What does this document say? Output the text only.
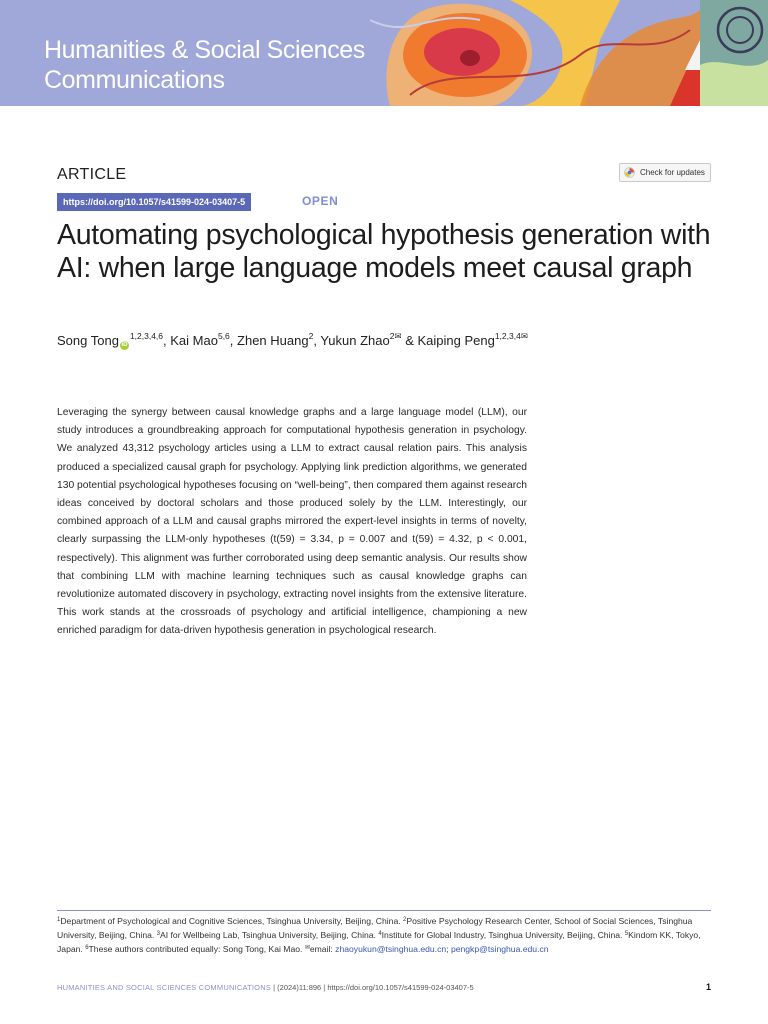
Humanities & Social Sciences
Communications
ARTICLE	Check for updates
https://doi.org/10.1057/s41599-024-03407-5	OPEN
Automating psychological hypothesis generation with AI: when large language models meet causal graph
Song Tong iD$^{1,2,3,4,6}$, Kai Mao$^{5,6}$, Zhen Huang$^2$, Yukun Zhao$^{2✉}$ & Kaiping Peng$^{1,2,3,4✉}$

Leveraging the synergy between causal knowledge graphs and a large language model (LLM), our study introduces a groundbreaking approach for computational hypothesis generation in psychology. We analyzed 43,312 psychology articles using a LLM to extract causal relation pairs. This analysis produced a specialized causal graph for psychology. Applying link prediction algorithms, we generated 130 potential psychological hypotheses focusing on “well-being”, then compared them against research ideas conceived by doctoral scholars and those produced solely by the LLM. Interestingly, our combined approach of a LLM and causal graphs mirrored the expert-level insights in terms of novelty, clearly surpassing the LLM-only hypotheses (t(59) = 3.34, p = 0.007 and t(59) = 4.32, p < 0.001, respectively). This alignment was further corroborated using deep semantic analysis. Our results show that combining LLM with machine learning techniques such as causal knowledge graphs can revolutionize automated discovery in psychology, extracting novel insights from the extensive literature. This work stands at the crossroads of psychology and artificial intelligence, championing a new enriched paradigm for data-driven hypothesis generation in psychological research.

$^1$Department of Psychological and Cognitive Sciences, Tsinghua University, Beijing, China. $^2$Positive Psychology Research Center, School of Social Sciences, Tsinghua University, Beijing, China. $^3$AI for Wellbeing Lab, Tsinghua University, Beijing, China. $^4$Institute for Global Industry, Tsinghua University, Beijing, China. $^5$Kindom KK, Tokyo, Japan. $^6$These authors contributed equally: Song Tong, Kai Mao. ✉email: zhaoyukun@tsinghua.edu.cn; pengkp@tsinghua.edu.cn

HUMANITIES AND SOCIAL SCIENCES COMMUNICATIONS | (2024)11:896 | https://doi.org/10.1057/s41599-024-03407-5	1
